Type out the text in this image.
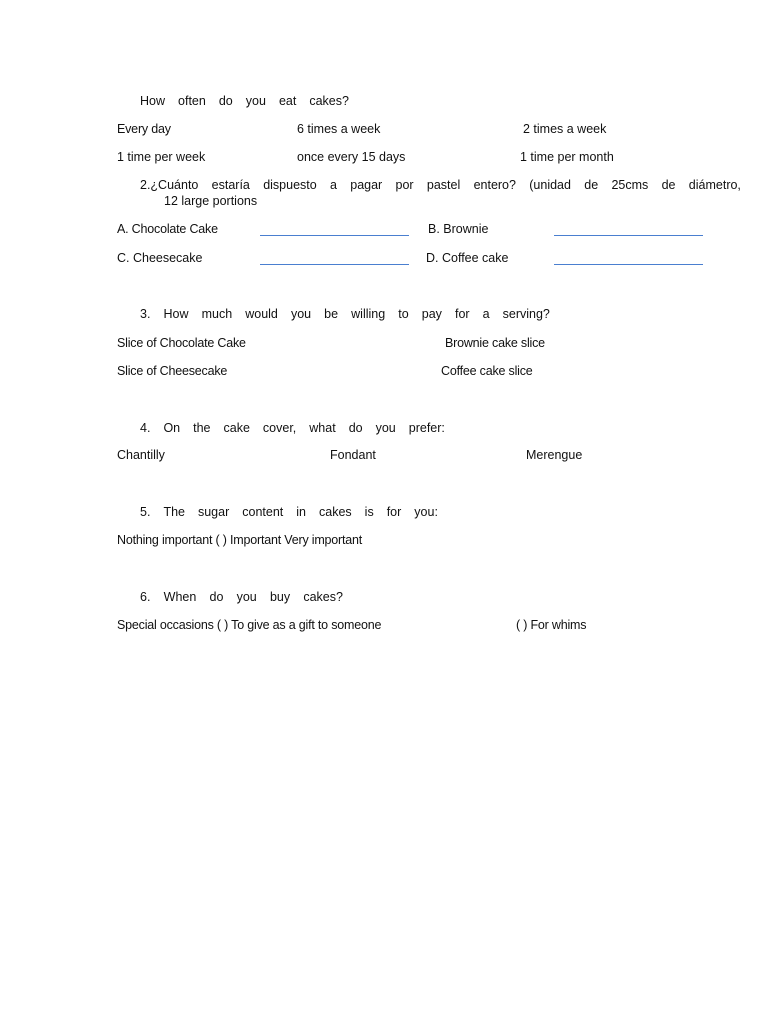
How often do you eat cakes?
Every day	6 times a week	2 times a week
1 time per week	once every 15 days	1 time per month
2.¿Cuánto estaría dispuesto a pagar por pastel entero? (unidad de 25cms de diámetro,
12 large portions
A. Chocolate Cake	B. Brownie
C. Cheesecake	D. Coffee cake
3. How much would you be willing to pay for a serving?
Slice of Chocolate Cake	Brownie cake slice
Slice of Cheesecake	Coffee cake slice
4. On the cake cover, what do you prefer:
Chantilly	Fondant	Merengue
5. The sugar content in cakes is for you:
Nothing important ( ) Important Very important
6. When do you buy cakes?
Special occasions ( ) To give as a gift to someone	( ) For whims
